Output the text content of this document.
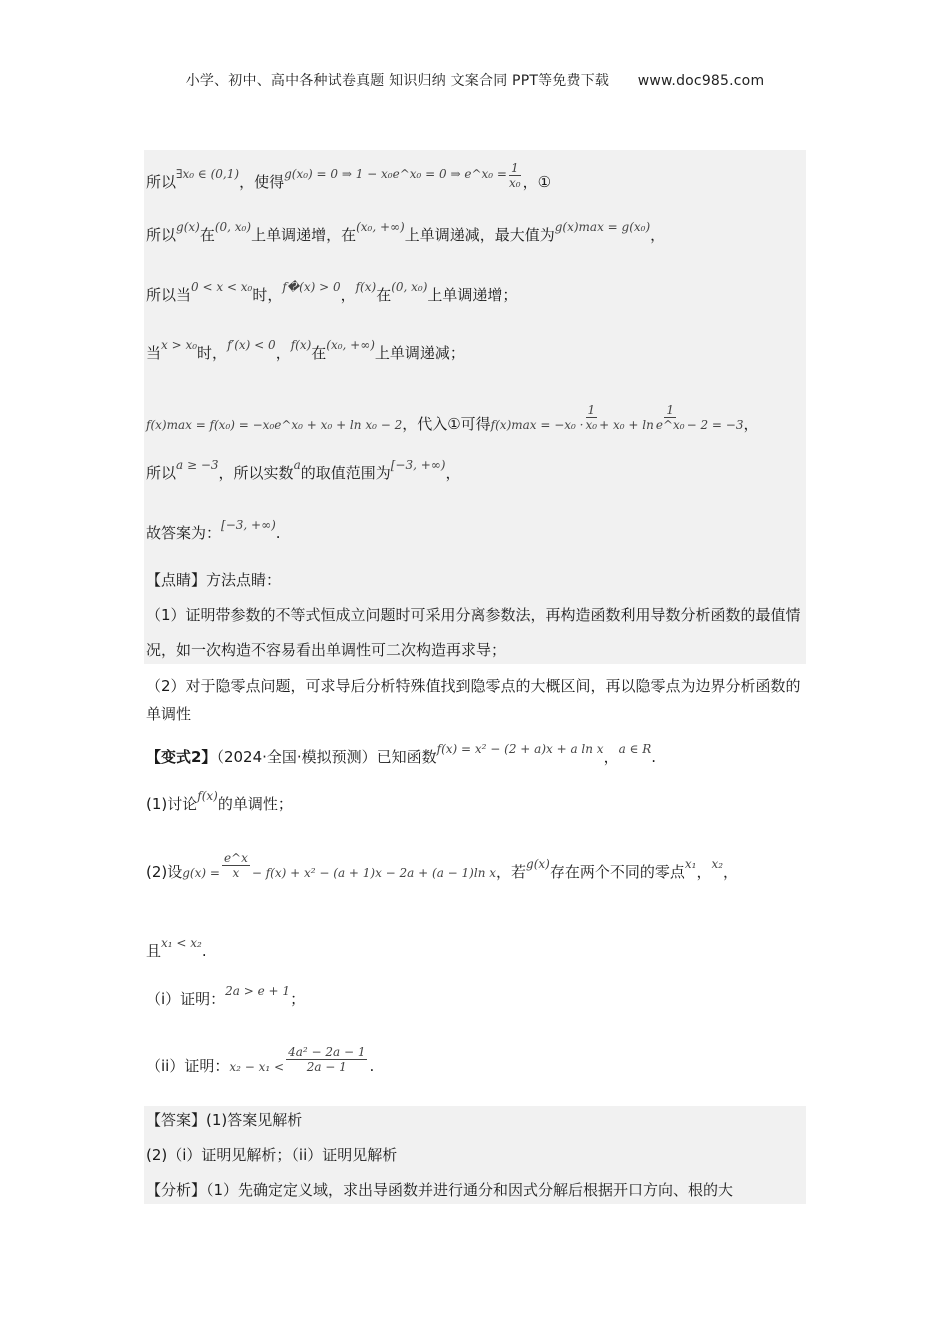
小学、初中、高中各种试卷真题 知识归纳 文案合同 PPT等免费下载 www.doc985.com
所以$^{\exists x_0 \in (0,1)}$，使得$^{g(x_0) = 0 \Rightarrow 1 - x_0e\^{}x_0 = 0 \Rightarrow e\^{}x_0 =} \frac{1}{\text{x₀}}$ ，①
所以$^{g(x)}$在$^{(0, x_0)}$上单调递增，在$^{(x_0, +\infty)}$上单调递减，最大值为$^{g(x)max = g(x_0)}$，
所以当$^{0 < x < x_0}$时，$^{f�(x) > 0}$，$^{f(x)}$在$^{(0, x_0)}$上单调递增；
当$^{x > x_0}$时，$^{f'(x) < 0}$，$^{f(x)}$在$^{(x_0, +\infty)}$上单调递减；
f(x)max = f(x₀) = −x₀e^x₀ + x₀ + ln x₀ − 2，代入①可得$f(x)\max = -x_0 \cdot \frac{1}{\text{x₀}} + x_0 + \ln \frac{1}{\text{e\textasciicircum{}x₀}} - 2 = -3$，
所以$^{a \ge -3}$，所以实数$^a$的取值范围为$^{[-3, +\infty)}$，
故答案为：$^{[-3, +\infty)}$.
【点睛】方法点睛：
（1）证明带参数的不等式恒成立问题时可采用分离参数法，再构造函数利用导数分析函数的最值情况，如一次构造不容易看出单调性可二次构造再求导；
（2）对于隐零点问题，可求导后分析特殊值找到隐零点的大概区间，再以隐零点为边界分析函数的单调性
【变式2】（2024·全国·模拟预测）已知函数$^{f(x) = x^2 - (2 + a)x + a ln x}$，$^{a \in R}$.
(1)讨论$^{f(x)}$的单调性；
(2)设$g(x) = \frac{e\^{}x}{x} - f(x) + x^2 - (a + 1)x - 2a + (a - 1)\ln$ x，若$^{g(x)}$存在两个不同的零点$^{x_1}$，$^{x_2}$，
且$^{x_1 < x_2}$.
（i）证明：$^{2a > e + 1}$；
（ii）证明：$x_2 - x_1 < \frac{\text{4a² − 2a − 1}}{2a - 1}$ .
【答案】(1)答案见解析
(2)（i）证明见解析；（ii）证明见解析
【分析】（1）先确定定义域，求出导函数并进行通分和因式分解后根据开口方向、根的大
